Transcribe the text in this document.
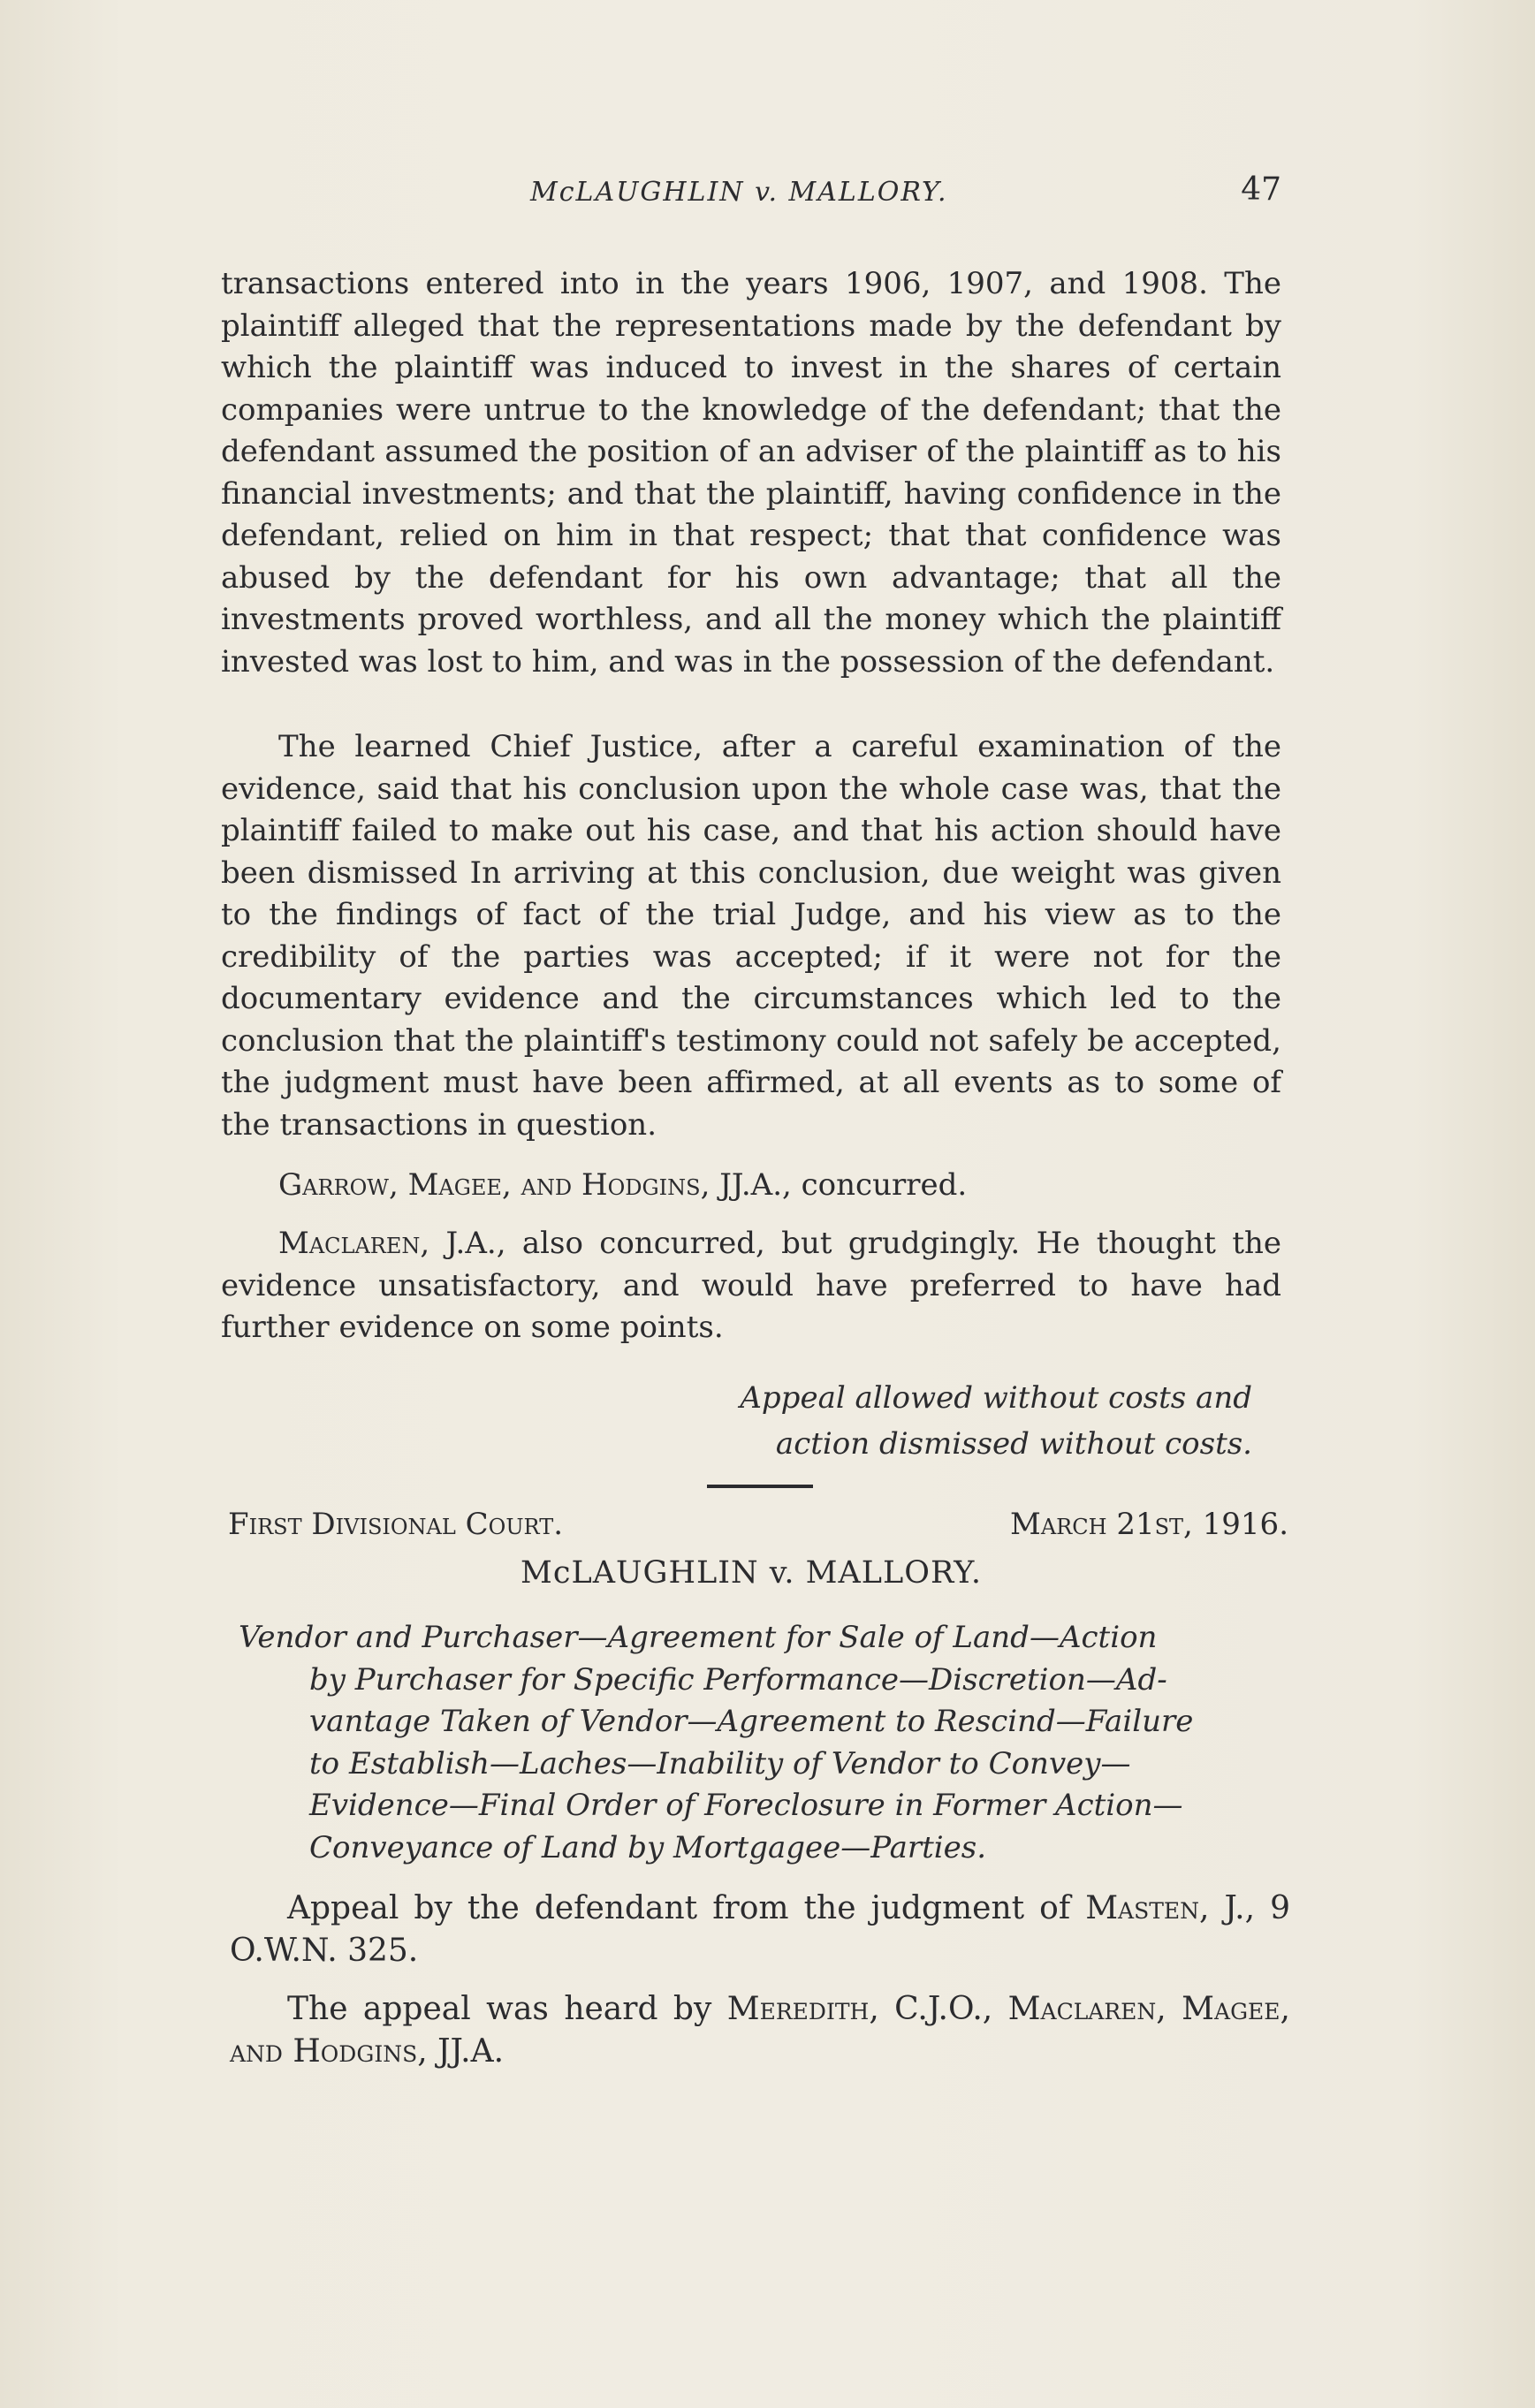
McLAUGHLIN v. MALLORY.	47

transactions entered into in the years 1906, 1907, and 1908. The plaintiff alleged that the representations made by the defendant by which the plaintiff was induced to invest in the shares of certain companies were untrue to the knowledge of the defendant; that the defendant assumed the position of an adviser of the plaintiff as to his financial investments; and that the plaintiff, having confidence in the defendant, relied on him in that respect; that that confidence was abused by the defendant for his own advantage; that all the investments proved worthless, and all the money which the plaintiff invested was lost to him, and was in the possession of the defendant.

The learned Chief Justice, after a careful examination of the evidence, said that his conclusion upon the whole case was, that the plaintiff failed to make out his case, and that his action should have been dismissed In arriving at this conclusion, due weight was given to the findings of fact of the trial Judge, and his view as to the credibility of the parties was accepted; if it were not for the documentary evidence and the circumstances which led to the conclusion that the plaintiff's testimony could not safely be accepted, the judgment must have been affirmed, at all events as to some of the transactions in question.

Garrow, Magee, and Hodgins, JJ.A., concurred.

Maclaren, J.A., also concurred, but grudgingly. He thought the evidence unsatisfactory, and would have preferred to have had further evidence on some points.

Appeal allowed without costs and
action dismissed without costs.
First Divisional Court.	March 21st, 1916.
McLAUGHLIN v. MALLORY.
Vendor and Purchaser—Agreement for Sale of Land—Action
by Purchaser for Specific Performance—Discretion—Ad-
vantage Taken of Vendor—Agreement to Rescind—Failure
to Establish—Laches—Inability of Vendor to Convey—
Evidence—Final Order of Foreclosure in Former Action—
Conveyance of Land by Mortgagee—Parties.

Appeal by the defendant from the judgment of Masten, J., 9 O.W.N. 325.

The appeal was heard by Meredith, C.J.O., Maclaren, Magee, and Hodgins, JJ.A.
